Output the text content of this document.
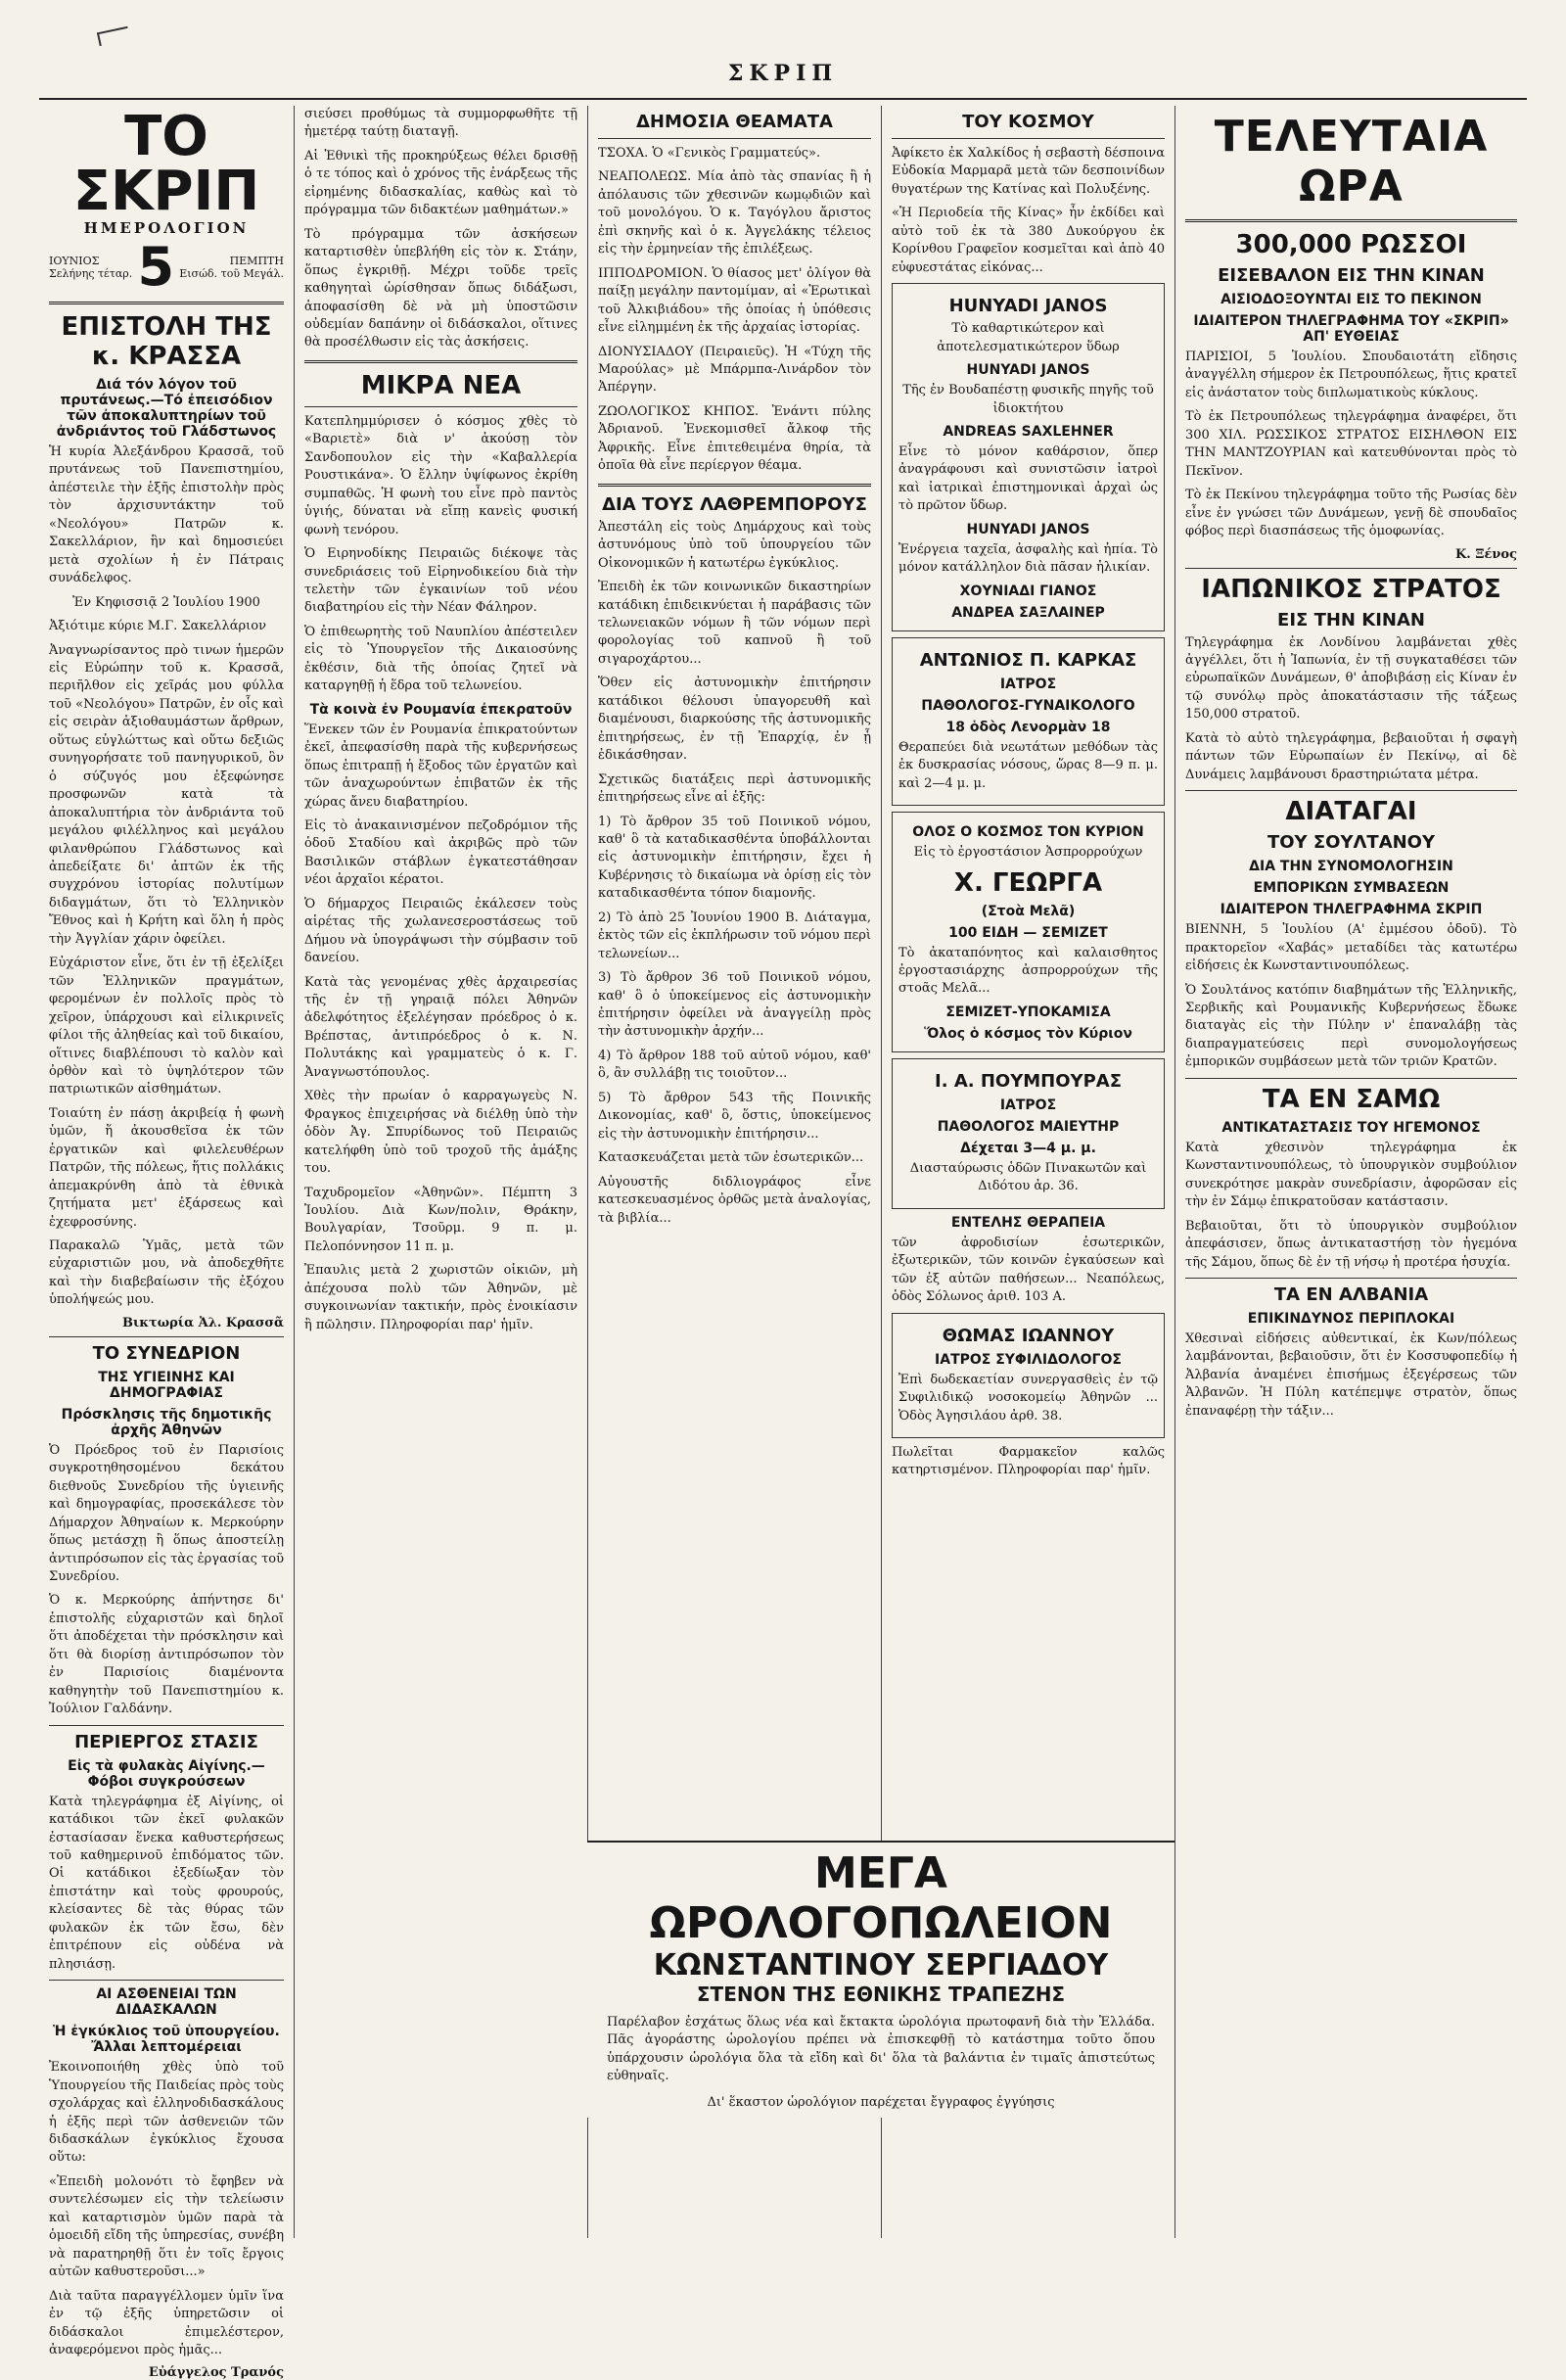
ΣΚΡΙΠ
ΤΟ ΣΚΡΙΠ
ΗΜΕΡΟΛΟΓΙΟΝ
ΙΟΥΝΙΟΣ
Σελήνης τέταρ. 5	ΠΕΜΠΤΗ
Εισώδ. τοῦ Μεγάλ.
ΕΠΙΣΤΟΛΗ ΤΗΣ κ. ΚΡΑΣΣΑ
Διά τόν λόγον τοῦ πρυτάνεως.—Τό ἐπεισόδιον τῶν ἀποκαλυπτηρίων τοῦ ἀνδριάντος τοῦ Γλάδστωνος

Ἡ κυρία Ἀλεξάνδρου Κρασσᾶ, τοῦ πρυτάνεως τοῦ Πανεπιστημίου, ἀπέστειλε τὴν ἑξῆς ἐπιστολὴν πρὸς τὸν ἀρχισυντάκτην τοῦ «Νεολόγου» Πατρῶν κ. Σακελλάριον, ἣν καὶ δημοσιεύει μετὰ σχολίων ἡ ἐν Πάτραις συνάδελφος.

Ἐν Κηφισσιᾷ 2 Ἰουλίου 1900

Ἀξιότιμε κύριε Μ.Γ. Σακελλάριον

Ἀναγνωρίσαντος πρὸ τινων ἡμερῶν εἰς Εὐρώπην τοῦ κ. Κρασσᾶ, περιῆλθον εἰς χεῖράς μου φύλλα τοῦ «Νεολόγου» Πατρῶν, ἐν οἷς καὶ εἰς σειρὰν ἀξιοθαυμάστων ἄρθρων, οὕτως εὐγλώττως καὶ οὕτω δεξιῶς συνηγορήσατε τοῦ πανηγυρικοῦ, ὃν ὁ σύζυγός μου ἐξεφώνησε προσφωνῶν κατὰ τὰ ἀποκαλυπτήρια τὸν ἀνδριάντα τοῦ μεγάλου φιλέλληνος καὶ μεγάλου φιλανθρώπου Γλάδστωνος καὶ ἀπεδείξατε δι' ἀπτῶν ἐκ τῆς συγχρόνου ἱστορίας πολυτίμων διδαγμάτων, ὅτι τὸ Ἑλληνικὸν Ἔθνος καὶ ἡ Κρήτη καὶ ὅλη ἡ πρὸς τὴν Ἀγγλίαν χάριν ὀφείλει.

Εὐχάριστον εἶνε, ὅτι ἐν τῇ ἐξελίξει τῶν Ἑλληνικῶν πραγμάτων, φερομένων ἐν πολλοῖς πρὸς τὸ χεῖρον, ὑπάρχουσι καὶ εἰλικρινεῖς φίλοι τῆς ἀληθείας καὶ τοῦ δικαίου, οἵτινες διαβλέπουσι τὸ καλὸν καὶ ὀρθὸν καὶ τὸ ὑψηλότερον τῶν πατριωτικῶν αἰσθημάτων.

Τοιαύτη ἐν πάσῃ ἀκριβείᾳ ἡ φωνὴ ὑμῶν, ἥ ἀκουσθεῖσα ἐκ τῶν ἐργατικῶν καὶ φιλελευθέρων Πατρῶν, τῆς πόλεως, ἥτις πολλάκις ἀπεμακρύνθη ἀπὸ τὰ ἐθνικὰ ζητήματα μετ' ἐξάρσεως καὶ ἐχεφροσύνης.

Παρακαλῶ Ὑμᾶς, μετὰ τῶν εὐχαριστιῶν μου, νὰ ἀποδεχθῆτε καὶ τὴν διαβεβαίωσιν τῆς ἐξόχου ὑπολήψεώς μου.

Βικτωρία Ἀλ. Κρασσᾶ
ΤΟ ΣΥΝΕΔΡΙΟΝ
ΤΗΣ ΥΓΙΕΙΝΗΣ ΚΑΙ ΔΗΜΟΓΡΑΦΙΑΣ
Πρόσκλησις τῆς δημοτικῆς ἀρχῆς Ἀθηνῶν

Ὁ Πρόεδρος τοῦ ἐν Παρισίοις συγκροτηθησομένου δεκάτου διεθνοῦς Συνεδρίου τῆς ὑγιεινῆς καὶ δημογραφίας, προσεκάλεσε τὸν Δήμαρχον Ἀθηναίων κ. Μερκούρην ὅπως μετάσχῃ ἢ ὅπως ἀποστείλῃ ἀντιπρόσωπον εἰς τὰς ἐργασίας τοῦ Συνεδρίου.

Ὁ κ. Μερκούρης ἀπήντησε δι' ἐπιστολῆς εὐχαριστῶν καὶ δηλοῖ ὅτι ἀποδέχεται τὴν πρόσκλησιν καὶ ὅτι θὰ διορίσῃ ἀντιπρόσωπον τὸν ἐν Παρισίοις διαμένοντα καθηγητὴν τοῦ Πανεπιστημίου κ. Ἰούλιον Γαλδάνην.

ΠΕΡΙΕΡΓΟΣ ΣΤΑΣΙΣ
Εἰς τὰ φυλακὰς Αἰγίνης.—Φόβοι συγκρούσεων

Κατὰ τηλεγράφημα ἐξ Αἰγίνης, οἱ κατάδικοι τῶν ἐκεῖ φυλακῶν ἐστασίασαν ἕνεκα καθυστερήσεως τοῦ καθημερινοῦ ἐπιδόματος τῶν. Οἱ κατάδικοι ἐξεδίωξαν τὸν ἐπιστάτην καὶ τοὺς φρουρούς, κλείσαντες δὲ τὰς θύρας τῶν φυλακῶν ἐκ τῶν ἔσω, δὲν ἐπιτρέπουν εἰς οὐδένα νὰ πλησιάσῃ.

ΑΙ ΑΣΘΕΝΕΙΑΙ ΤΩΝ ΔΙΔΑΣΚΑΛΩΝ
Ἡ ἐγκύκλιος τοῦ ὑπουργείου. Ἄλλαι λεπτομέρειαι

Ἐκοινοποιήθη χθὲς ὑπὸ τοῦ Ὑπουργείου τῆς Παιδείας πρὸς τοὺς σχολάρχας καὶ ἐλληνοδιδασκάλους ἡ ἑξῆς περὶ τῶν ἀσθενειῶν τῶν διδασκάλων ἐγκύκλιος ἔχουσα οὕτω:

«Ἐπειδὴ μολονότι τὸ ἔφηβεν νὰ συντελέσωμεν εἰς τὴν τελείωσιν καὶ καταρτισμὸν ὑμῶν παρὰ τὰ ὁμοειδῆ εἴδη τῆς ὑπηρεσίας, συνέβη νὰ παρατηρηθῇ ὅτι ἐν τοῖς ἔργοις αὐτῶν καθυστεροῦσι...»

Διὰ ταῦτα παραγγέλλομεν ὑμῖν ἵνα ἐν τῷ ἐξῆς ὑπηρετῶσιν οἱ διδάσκαλοι ἐπιμελέστερον, ἀναφερόμενοι πρὸς ἡμᾶς...

Εὐάγγελος Τρανός

σιεύσει προθύμως τὰ συμμορφωθῆτε τῇ ἡμετέρᾳ ταύτῃ διαταγῇ.

Αἱ Ἐθνικὶ τῆς προκηρύξεως θέλει δρισθῇ ὁ τε τόπος καὶ ὁ χρόνος τῆς ἐνάρξεως τῆς εἰρημένης διδασκαλίας, καθὼς καὶ τὸ πρόγραμμα τῶν διδακτέων μαθημάτων.»

Τὸ πρόγραμμα τῶν ἀσκήσεων καταρτισθὲν ὑπεβλήθη εἰς τὸν κ. Στάην, ὅπως ἐγκριθῇ. Μέχρι τοῦδε τρεῖς καθηγηταὶ ὡρίσθησαν ὅπως διδάξωσι, ἀποφασίσθη δὲ νὰ μὴ ὑποστῶσιν οὐδεμίαν δαπάνην οἱ διδάσκαλοι, οἵτινες θὰ προσέλθωσιν εἰς τὰς ἀσκήσεις.

ΜΙΚΡΑ ΝΕΑ

Κατεπλημμύρισεν ὁ κόσμος χθὲς τὸ «Βαριετὲ» διὰ ν' ἀκούσῃ τὸν Σανδοπουλον εἰς τὴν «Καβαλλερία Ρουστικάνα». Ὁ ἔλλην ὑψίφωνος ἐκρίθη συμπαθῶς. Ἡ φωνὴ του εἶνε πρὸ παντὸς ὑγιής, δύναται νὰ εἴπῃ κανεὶς φυσική φωνὴ τενόρου.

Ὁ Ειρηνοδίκης Πειραιῶς διέκοψε τὰς συνεδριάσεις τοῦ Εἰρηνοδικείου διὰ τὴν τελετὴν τῶν ἐγκαινίων τοῦ νέου διαβατηρίου εἰς τὴν Νέαν Φάληρον.

Ὁ ἐπιθεωρητὴς τοῦ Ναυπλίου ἀπέστειλεν εἰς τὸ Ὑπουργεῖον τῆς Δικαιοσύνης ἐκθέσιν, διὰ τῆς ὁποίας ζητεῖ νὰ καταργηθῇ ἡ ἕδρα τοῦ τελωνείου.

Τὰ κοινὰ ἐν Ρουμανία ἐπεκρατοῦν

Ἕνεκεν τῶν ἐν Ρουμανία ἐπικρατούντων ἐκεῖ, ἀπεφασίσθη παρὰ τῆς κυβερνήσεως ὅπως ἐπιτραπῇ ἡ ἔξοδος τῶν ἐργατῶν καὶ τῶν ἀναχωρούντων ἐπιβατῶν ἐκ τῆς χώρας ἄνευ διαβατηρίου.

Εἰς τὸ ἀνακαινισμένον πεζοδρόμιον τῆς ὁδοῦ Σταδίου καὶ ἀκριβῶς πρὸ τῶν Βασιλικῶν στάβλων ἐγκατεστάθησαν νέοι ἀρχαῖοι κέρατοι.

Ὁ δήμαρχος Πειραιῶς ἐκάλεσεν τοὺς αἱρέτας τῆς χωλανεσεροστάσεως τοῦ Δήμου νὰ ὑπογράψωσι τὴν σύμβασιν τοῦ δανείου.

Κατὰ τὰς γενομένας χθὲς ἀρχαιρεσίας τῆς ἐν τῇ γηραιᾷ πόλει Ἀθηνῶν ἀδελφότητος ἐξελέγησαν πρόεδρος ὁ κ. Βρέπστας, ἀντιπρόεδρος ὁ κ. Ν. Πολυτάκης καὶ γραμματεὺς ὁ κ. Γ. Ἀναγνωστόπουλος.

Χθὲς τὴν πρωίαν ὁ καρραγωγεὺς Ν. Φραγκος ἐπιχειρήσας νὰ διέλθῃ ὑπὸ τὴν ὁδὸν Ἀγ. Σπυρίδωνος τοῦ Πειραιῶς κατελήφθη ὑπὸ τοῦ τροχοῦ τῆς ἀμάξης του.

Ταχυδρομεῖον «Ἀθηνῶν». Πέμπτη 3 Ἰουλίου. Διὰ Κων/πολιν, Θράκην, Βουλγαρίαν, Τσοῦρμ. 9 π. μ. Πελοπόννησον 11 π. μ.

Ἐπαυλις μετὰ 2 χωριστῶν οἰκιῶν, μὴ ἀπέχουσα πολὺ τῶν Ἀθηνῶν, μὲ συγκοινωνίαν τακτικήν, πρὸς ἐνοικίασιν ἢ πῶλησιν. Πληροφορίαι παρ' ἡμῖν.

ΔΗΜΟΣΙΑ ΘΕΑΜΑΤΑ

ΤΣΟΧΑ. Ὁ «Γενικὸς Γραμματεύς».

ΝΕΑΠΟΛΕΩΣ. Μία ἀπὸ τὰς σπανίας ἢ ἡ ἀπόλαυσις τῶν χθεσινῶν κωμῳδιῶν καὶ τοῦ μονολόγου. Ὁ κ. Ταγόγλου ἄριστος ἐπὶ σκηνῆς καὶ ὁ κ. Ἀγγελάκης τέλειος εἰς τὴν ἐρμηνείαν τῆς ἐπιλέξεως.

ΙΠΠΟΔΡΟΜΙΟΝ. Ὁ θίασος μετ' ὀλίγον θὰ παίξῃ μεγάλην παντομίμαν, αἱ «Ἐρωτικαὶ τοῦ Ἀλκιβιάδου» τῆς ὁποίας ἡ ὑπόθεσις εἶνε εἰλημμένη ἐκ τῆς ἀρχαίας ἱστορίας.

ΔΙΟΝΥΣΙΑΔΟΥ (Πειραιεῦς). Ἡ «Τύχη τῆς Μαρούλας» μὲ Μπάρμπα-Λινάρδον τὸν Ἀπέργην.

ΖΩΟΛΟΓΙΚΟΣ ΚΗΠΟΣ. Ἐνάντι πύλης Ἀδριανοῦ. Ἐνεκομισθεῖ ἄλκοφ τῆς Ἀφρικῆς. Εἶνε ἐπιτεθειμένα θηρία, τὰ ὁποῖα θὰ εἶνε περίεργον θέαμα.

ΔΙΑ ΤΟΥΣ ΛΑΘΡΕΜΠΟΡΟΥΣ

Ἀπεστάλη εἰς τοὺς Δημάρχους καὶ τοὺς ἀστυνόμους ὑπὸ τοῦ ὑπουργείου τῶν Οἰκονομικῶν ἡ κατωτέρω ἐγκύκλιος.

Ἐπειδὴ ἐκ τῶν κοινωνικῶν δικαστηρίων κατάδικη ἐπιδεικνύεται ἡ παράβασις τῶν τελωνειακῶν νόμων ἢ τῶν νόμων περὶ φορολογίας τοῦ καπνοῦ ἢ τοῦ σιγαροχάρτου...

Ὅθεν εἰς ἀστυνομικὴν ἐπιτήρησιν κατάδικοι θέλουσι ὑπαγορευθῆ καὶ διαμένουσι, διαρκούσης τῆς ἀστυνομικῆς ἐπιτηρήσεως, ἐν τῇ Ἐπαρχίᾳ, ἐν ᾗ ἐδικάσθησαν.

Σχετικῶς διατάξεις περὶ ἀστυνομικῆς ἐπιτηρήσεως εἶνε αἱ ἑξῆς:

1) Τὸ ἄρθρον 35 τοῦ Ποινικοῦ νόμου, καθ' ὃ τὰ καταδικασθέντα ὑποβάλλονται εἰς ἀστυνομικὴν ἐπιτήρησιν, ἔχει ἡ Κυβέρνησις τὸ δικαίωμα νὰ ὁρίσῃ εἰς τὸν καταδικασθέντα τόπον διαμονῆς.

2) Τὸ ἀπὸ 25 Ἰουνίου 1900 Β. Διάταγμα, ἐκτὸς τῶν εἰς ἐκπλήρωσιν τοῦ νόμου περὶ τελωνείων...

3) Τὸ ἄρθρον 36 τοῦ Ποινικοῦ νόμου, καθ' ὃ ὁ ὑποκείμενος εἰς ἀστυνομικὴν ἐπιτήρησιν ὀφείλει νὰ ἀναγγείλῃ πρὸς τὴν ἀστυνομικὴν ἀρχήν...

4) Τὸ ἄρθρον 188 τοῦ αὐτοῦ νόμου, καθ' ὃ, ἂν συλλάβῃ τις τοιοῦτον...

5) Τὸ ἄρθρον 543 τῆς Ποινικῆς Δικονομίας, καθ' ὃ, ὅστις, ὑποκείμενος εἰς τὴν ἀστυνομικὴν ἐπιτήρησιν...

Κατασκευάζεται μετὰ τῶν ἐσωτερικῶν...

Αὐγουστῆς διδλιογράφος εἶνε κατεσκευασμένος ὀρθῶς μετὰ ἀναλογίας, τὰ βιβλία...

ΤΟΥ ΚΟΣΜΟΥ

Ἀφίκετο ἐκ Χαλκίδος ἡ σεβαστὴ δέσποινα Εὐδοκία Μαρμαρᾶ μετὰ τῶν δεσποινίδων θυγατέρων της Κατίνας καὶ Πολυξένης.

«Ἡ Περιοδεία τῆς Κίνας» ἦν ἐκδίδει καὶ αὐτὸ τοῦ ἐκ τὰ 380 Δυκούργου ἐκ Κορίνθου Γραφεῖον κοσμεῖται καὶ ἀπὸ 40 εὐφυεστάτας εἰκόνας...

HUNYADI JANOS

Τὸ καθαρτικώτερον καὶ ἀποτελεσματικώτερον ὕδωρ

HUNYADI JANOS

Τῆς ἐν Βουδαπέστῃ φυσικῆς πηγῆς τοῦ ἰδιοκτήτου

ANDREAS SAXLEHNER

Εἶνε τὸ μόνον καθάρσιον, ὅπερ ἀναγράφουσι καὶ συνιστῶσιν ἰατροὶ καὶ ἰατρικαὶ ἐπιστημονικαὶ ἀρχαὶ ὡς τὸ πρῶτον ὕδωρ.

HUNYADI JANOS

Ἐνέργεια ταχεῖα, ἀσφαλὴς καὶ ἠπία. Τὸ μόνον κατάλληλον διὰ πᾶσαν ἡλικίαν.

ΧΟΥΝΙΑΔΙ ΓΙΑΝΟΣ
ΑΝΔΡΕΑ ΣΑΞΛΑΙΝΕΡ
ΑΝΤΩΝΙΟΣ Π. ΚΑΡΚΑΣ
ΙΑΤΡΟΣ
ΠΑΘΟΛΟΓΟΣ-ΓΥΝΑΙΚΟΛΟΓΟ
18 ὁδὸς Λενορμὰν 18

Θεραπεύει διὰ νεωτάτων μεθόδων τὰς ἐκ δυσκρασίας νόσους, ὥρας 8—9 π. μ. καὶ 2—4 μ. μ.

ΟΛΟΣ Ο ΚΟΣΜΟΣ ΤΟΝ ΚΥΡΙΟΝ

Εἰς τὸ ἐργοστάσιον Ἀσπρορρούχων

Χ. ΓΕΩΡΓΑ
(Στοὰ Μελᾶ)
100 ΕΙΔΗ — ΣΕΜΙΖΕΤ

Τὸ ἀκαταπόνητος καὶ καλαισθητος ἐργοστασιάρχης ἀσπρορρούχων τῆς στοᾶς Μελᾶ...

ΣΕΜΙΖΕΤ-ΥΠΟΚΑΜΙΣΑ
Ὅλος ὁ κόσμος τὸν Κύριον
Ι. Α. ΠΟΥΜΠΟΥΡΑΣ
ΙΑΤΡΟΣ
ΠΑΘΟΛΟΓΟΣ ΜΑΙΕΥΤΗΡ
Δέχεται 3—4 μ. μ.

Διασταύρωσις ὁδῶν Πινακωτῶν καὶ Διδότου ἀρ. 36.

ΕΝΤΕΛΗΣ ΘΕΡΑΠΕΙΑ

τῶν ἀφροδισίων ἐσωτερικῶν, ἐξωτερικῶν, τῶν κοινῶν ἐγκαύσεων καὶ τῶν ἐξ αὐτῶν παθήσεων... Νεαπόλεως, ὁδὸς Σόλωνος ἀριθ. 103 Α.

ΘΩΜΑΣ ΙΩΑΝΝΟΥ
ΙΑΤΡΟΣ ΣΥΦΙΛΙΔΟΛΟΓΟΣ

Ἐπὶ δωδεκαετίαν συνεργασθεὶς ἐν τῷ Συφιλιδικῷ νοσοκομείῳ Ἀθηνῶν ... Ὁδὸς Ἀγησιλάου ἀρθ. 38.

Πωλεῖται Φαρμακεῖον καλῶς κατηρτισμένον. Πληροφορίαι παρ' ἡμῖν.

ΤΕΛΕΥΤΑΙΑ ΩΡΑ
300,000 ΡΩΣΣΟΙ
ΕΙΣΕΒΑΛΟΝ ΕΙΣ ΤΗΝ ΚΙΝΑΝ
ΑΙΣΙΟΔΟΞΟΥΝΤΑΙ ΕΙΣ ΤΟ ΠΕΚΙΝΟΝ
ΙΔΙΑΙΤΕΡΟΝ ΤΗΛΕΓΡΑΦΗΜΑ ΤΟΥ «ΣΚΡΙΠ» ΑΠ' ΕΥΘΕΙΑΣ

ΠΑΡΙΣΙΟΙ, 5 Ἰουλίου. Σπουδαιοτάτη εἴδησις ἀναγγέλλη σήμερον ἐκ Πετρουπόλεως, ἥτις κρατεῖ εἰς ἀνάστατον τοὺς διπλωματικοὺς κύκλους.

Τὸ ἐκ Πετρουπόλεως τηλεγράφημα ἀναφέρει, ὅτι 300 ΧΙΛ. ΡΩΣΣΙΚΟΣ ΣΤΡΑΤΟΣ ΕΙΣΗΛΘΟΝ ΕΙΣ ΤΗΝ ΜΑΝΤΖΟΥΡΙΑΝ καὶ κατευθύνονται πρὸς τὸ Πεκῖνον.

Τὸ ἐκ Πεκίνου τηλεγράφημα τοῦτο τῆς Ρωσίας δὲν εἶνε ἐν γνώσει τῶν Δυνάμεων, γενῇ δὲ σπουδαῖος φόβος περὶ διασπάσεως τῆς ὁμοφωνίας.

Κ. Ξένος
ΙΑΠΩΝΙΚΟΣ ΣΤΡΑΤΟΣ
ΕΙΣ ΤΗΝ ΚΙΝΑΝ

Τηλεγράφημα ἐκ Λονδίνου λαμβάνεται χθὲς ἀγγέλλει, ὅτι ἡ Ἰαπωνία, ἐν τῇ συγκαταθέσει τῶν εὐρωπαϊκῶν Δυνάμεων, θ' ἀποβιβάσῃ εἰς Κίναν ἐν τῷ συνόλῳ πρὸς ἀποκατάστασιν τῆς τάξεως 150,000 στρατοῦ.

Κατὰ τὸ αὐτὸ τηλεγράφημα, βεβαιοῦται ἡ σφαγὴ πάντων τῶν Εὐρωπαίων ἐν Πεκίνῳ, αἱ δὲ Δυνάμεις λαμβάνουσι δραστηριώτατα μέτρα.

ΔΙΑΤΑΓΑΙ
ΤΟΥ ΣΟΥΛΤΑΝΟΥ
ΔΙΑ ΤΗΝ ΣΥΝΟΜΟΛΟΓΗΣΙΝ
ΕΜΠΟΡΙΚΩΝ ΣΥΜΒΑΣΕΩΝ
ΙΔΙΑΙΤΕΡΟΝ ΤΗΛΕΓΡΑΦΗΜΑ ΣΚΡΙΠ

ΒΙΕΝΝΗ, 5 Ἰουλίου (Α' ἐμμέσου ὁδοῦ). Τὸ πρακτορεῖον «Χαβάς» μεταδίδει τὰς κατωτέρω εἰδήσεις ἐκ Κωνσταντινουπόλεως.

Ὁ Σουλτάνος κατόπιν διαβημάτων τῆς Ἑλληνικῆς, Σερβικῆς καὶ Ρουμανικῆς Κυβερνήσεως ἔδωκε διαταγὰς εἰς τὴν Πύλην ν' ἐπαναλάβῃ τὰς διαπραγματεύσεις περὶ συνομολογήσεως ἐμπορικῶν συμβάσεων μετὰ τῶν τριῶν Κρατῶν.

ΤΑ ΕΝ ΣΑΜΩ
ΑΝΤΙΚΑΤΑΣΤΑΣΙΣ ΤΟΥ ΗΓΕΜΟΝΟΣ

Κατὰ χθεσινὸν τηλεγράφημα ἐκ Κωνσταντινουπόλεως, τὸ ὑπουργικὸν συμβούλιον συνεκρότησε μακρὰν συνεδρίασιν, ἀφορῶσαν εἰς τὴν ἐν Σάμῳ ἐπικρατοῦσαν κατάστασιν.

Βεβαιοῦται, ὅτι τὸ ὑπουργικὸν συμβούλιον ἀπεφάσισεν, ὅπως ἀντικαταστήσῃ τὸν ἡγεμόνα τῆς Σάμου, ὅπως δὲ ἐν τῇ νήσῳ ἡ προτέρα ἡσυχία.

ΤΑ ΕΝ ΑΛΒΑΝΙΑ
ΕΠΙΚΙΝΔΥΝΟΣ ΠΕΡΙΠΛΟΚΑΙ

Χθεσιναὶ εἰδήσεις αὐθεντικαί, ἐκ Κων/πόλεως λαμβάνονται, βεβαιοῦσιν, ὅτι ἐν Κοσσυφοπεδίῳ ἡ Ἀλβανία ἀναμένει ἐπισήμως ἐξεγέρσεως τῶν Ἀλβανῶν. Ἡ Πύλη κατέπεμψε στρατὸν, ὅπως ἐπαναφέρῃ τὴν τάξιν...

ΜΕΓΑ ΩΡΟΛΟΓΟΠΩΛΕΙΟΝ
ΚΩΝΣΤΑΝΤΙΝΟΥ ΣΕΡΓΙΑΔΟΥ
ΣΤΕΝΟΝ ΤΗΣ ΕΘΝΙΚΗΣ ΤΡΑΠΕΖΗΣ

Παρέλαβον ἐσχάτως ὅλως νέα καὶ ἔκτακτα ὡρολόγια πρωτοφανῆ διὰ τὴν Ἑλλάδα. Πᾶς ἀγοράστης ὡρολογίου πρέπει νὰ ἐπισκεφθῇ τὸ κατάστημα τοῦτο ὅπου ὑπάρχουσιν ὡρολόγια ὅλα τὰ εἴδη καὶ δι' ὅλα τὰ βαλάντια ἐν τιμαῖς ἀπιστεύτως εὐθηναῖς.

Δι' ἕκαστον ὡρολόγιον παρέχεται ἔγγραφος ἐγγύησις
